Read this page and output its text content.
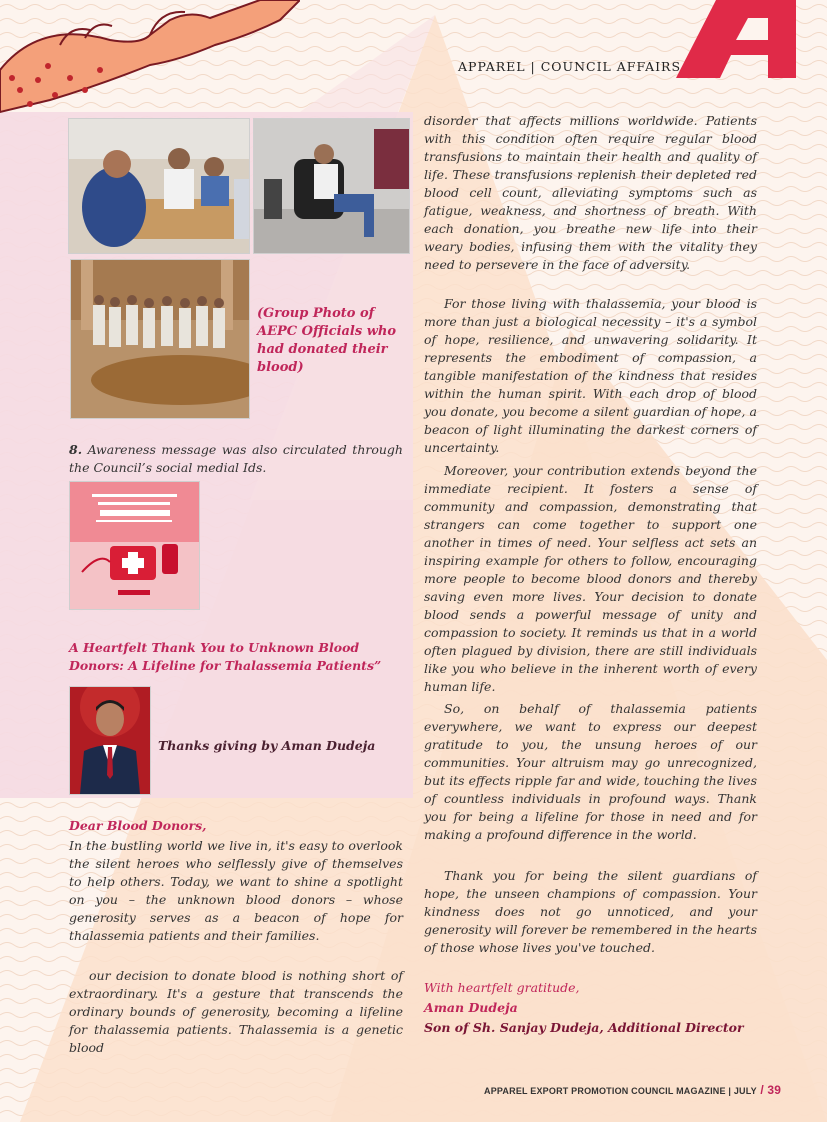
APPAREL | COUNCIL AFFAIRS
(Group Photo of AEPC Officials who had donated their blood)
8. Awareness message was also circulated through the Council’s social medial Ids.
A Heartfelt Thank You to Unknown Blood Donors: A Lifeline for Thalassemia Patients”
Thanks giving by Aman Dudeja
Dear Blood Donors,

In the bustling world we live in, it's easy to overlook the silent heroes who selflessly give of themselves to help others. Today, we want to shine a spotlight on you – the unknown blood donors – whose generosity serves as a beacon of hope for thalassemia patients and their families.

our decision to donate blood is nothing short of extraordinary. It's a gesture that transcends the ordinary bounds of generosity, becoming a lifeline for thalassemia patients. Thalassemia is a genetic blood

disorder that affects millions worldwide. Patients with this condition often require regular blood transfusions to maintain their health and quality of life. These transfusions replenish their depleted red blood cell count, alleviating symptoms such as fatigue, weakness, and shortness of breath. With each donation, you breathe new life into their weary bodies, infusing them with the vitality they need to persevere in the face of adversity.

For those living with thalassemia, your blood is more than just a biological necessity – it's a symbol of hope, resilience, and unwavering solidarity. It represents the embodiment of compassion, a tangible manifestation of the kindness that resides within the human spirit. With each drop of blood you donate, you become a silent guardian of hope, a beacon of light illuminating the darkest corners of uncertainty.

Moreover, your contribution extends beyond the immediate recipient. It fosters a sense of community and compassion, demonstrating that strangers can come together to support one another in times of need. Your selfless act sets an inspiring example for others to follow, encouraging more people to become blood donors and thereby saving even more lives. Your decision to donate blood sends a powerful message of unity and compassion to society. It reminds us that in a world often plagued by division, there are still individuals like you who believe in the inherent worth of every human life.

So, on behalf of thalassemia patients everywhere, we want to express our deepest gratitude to you, the unsung heroes of our communities. Your altruism may go unrecognized, but its effects ripple far and wide, touching the lives of countless individuals in profound ways. Thank you for being a lifeline for those in need and for making a profound difference in the world.

Thank you for being the silent guardians of hope, the unseen champions of compassion. Your kindness does not go unnoticed, and your generosity will forever be remembered in the hearts of those whose lives you've touched.

With heartfelt gratitude,
Aman Dudeja
Son of Sh. Sanjay Dudeja, Additional Director
APPAREL EXPORT PROMOTION COUNCIL MAGAZINE | JULY / 39
